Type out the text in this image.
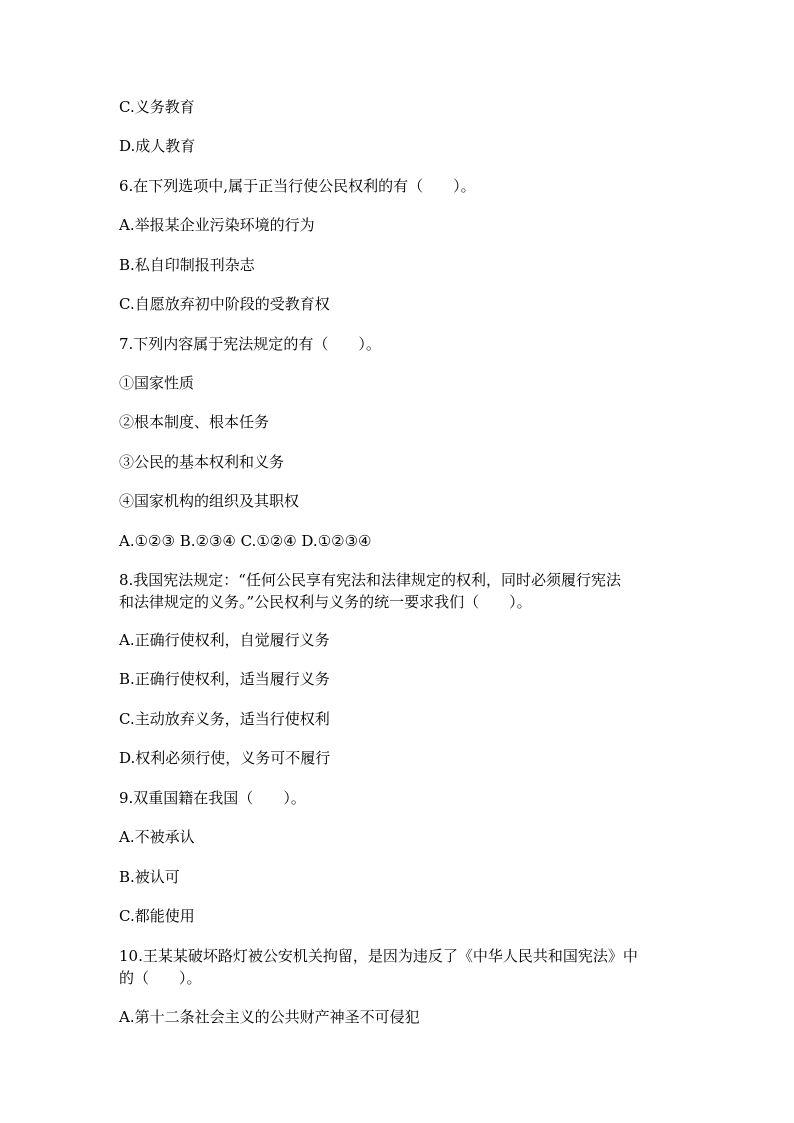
C.义务教育
D.成人教育
6.在下列选项中,属于正当行使公民权利的有（　　）。
A.举报某企业污染环境的行为
B.私自印制报刊杂志
C.自愿放弃初中阶段的受教育权
7.下列内容属于宪法规定的有（　　）。
①国家性质
②根本制度、根本任务
③公民的基本权利和义务
④国家机构的组织及其职权
A.①②③ B.②③④ C.①②④ D.①②③④
8.我国宪法规定：“任何公民享有宪法和法律规定的权利，同时必须履行宪法
和法律规定的义务。”公民权利与义务的统一要求我们（　　）。
A.正确行使权利，自觉履行义务
B.正确行使权利，适当履行义务
C.主动放弃义务，适当行使权利
D.权利必须行使，义务可不履行
9.双重国籍在我国（　　）。
A.不被承认
B.被认可
C.都能使用
10.王某某破坏路灯被公安机关拘留，是因为违反了《中华人民共和国宪法》中
的（　　）。
A.第十二条社会主义的公共财产神圣不可侵犯
